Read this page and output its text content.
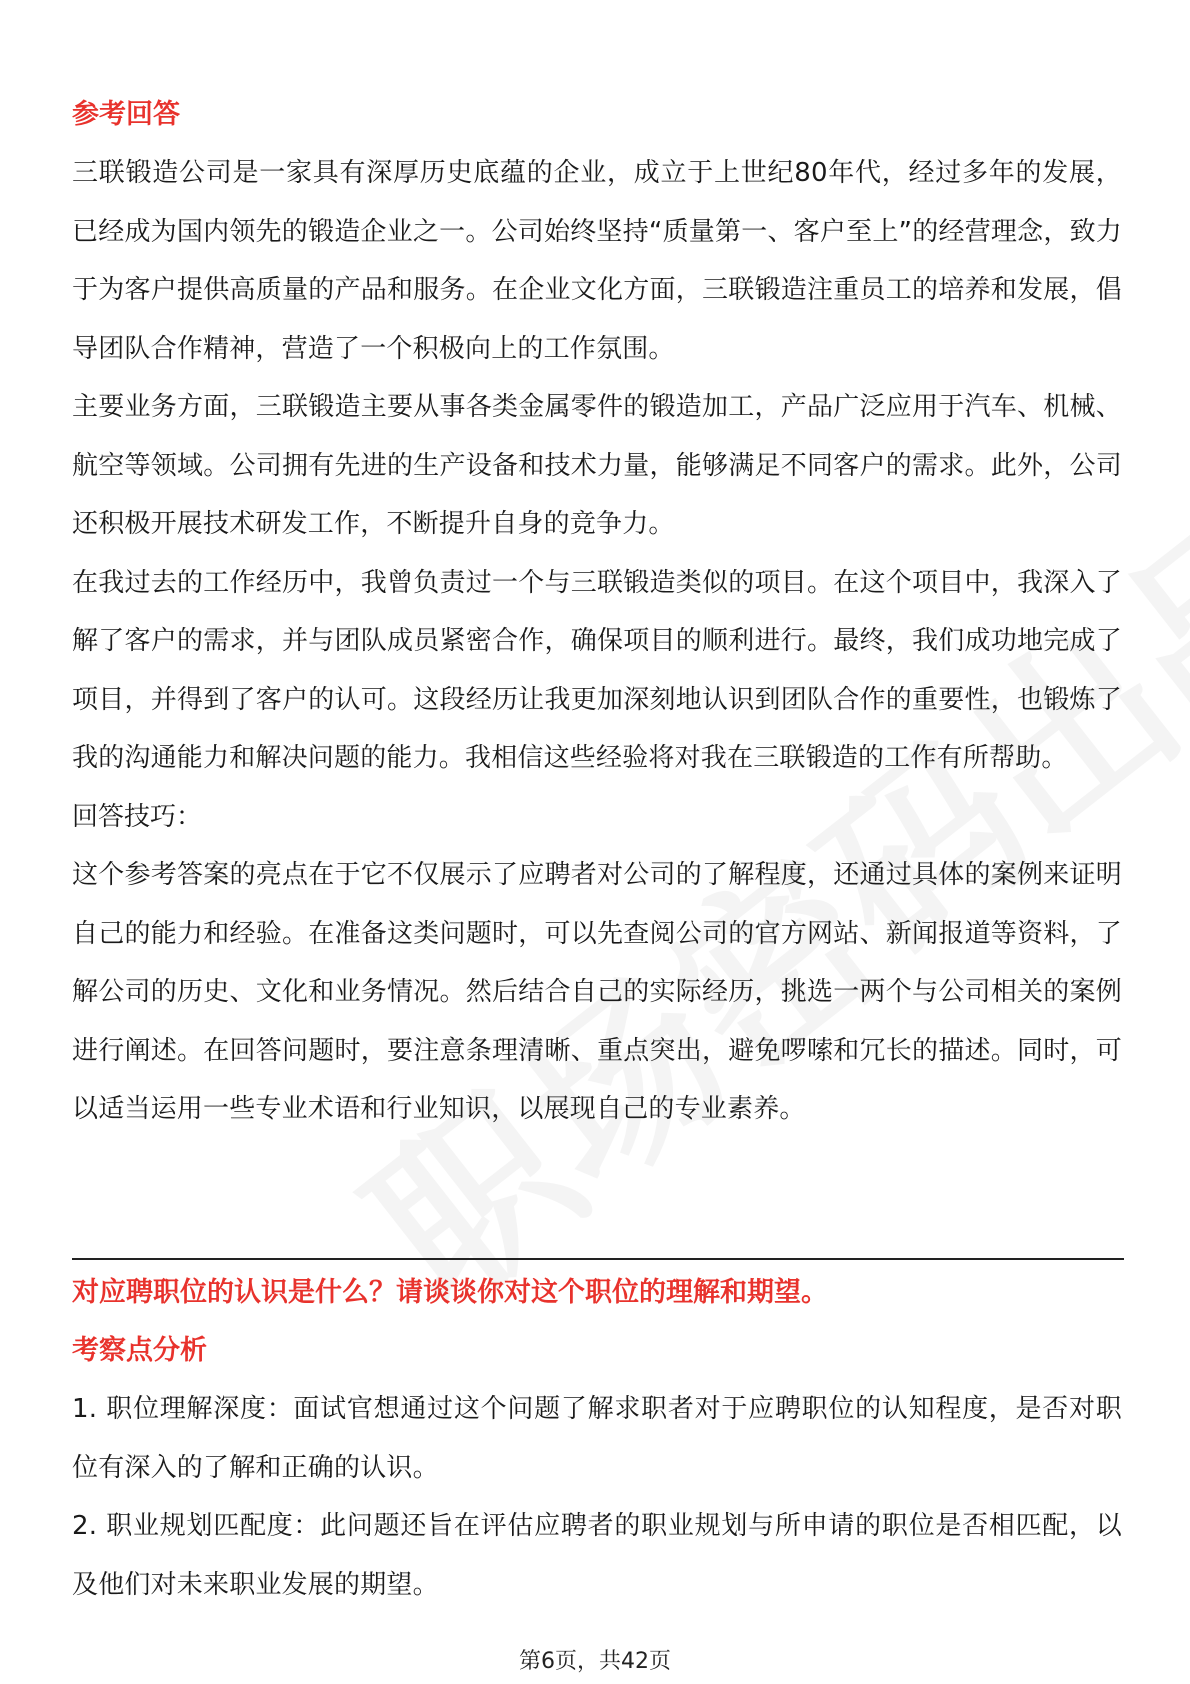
参考回答

三联锻造公司是一家具有深厚历史底蕴的企业，成立于上世纪80年代，经过多年的发展，已经成为国内领先的锻造企业之一。公司始终坚持“质量第一、客户至上”的经营理念，致力于为客户提供高质量的产品和服务。在企业文化方面，三联锻造注重员工的培养和发展，倡导团队合作精神，营造了一个积极向上的工作氛围。

主要业务方面，三联锻造主要从事各类金属零件的锻造加工，产品广泛应用于汽车、机械、航空等领域。公司拥有先进的生产设备和技术力量，能够满足不同客户的需求。此外，公司还积极开展技术研发工作，不断提升自身的竞争力。

在我过去的工作经历中，我曾负责过一个与三联锻造类似的项目。在这个项目中，我深入了解了客户的需求，并与团队成员紧密合作，确保项目的顺利进行。最终，我们成功地完成了项目，并得到了客户的认可。这段经历让我更加深刻地认识到团队合作的重要性，也锻炼了我的沟通能力和解决问题的能力。我相信这些经验将对我在三联锻造的工作有所帮助。

回答技巧：

这个参考答案的亮点在于它不仅展示了应聘者对公司的了解程度，还通过具体的案例来证明自己的能力和经验。在准备这类问题时，可以先查阅公司的官方网站、新闻报道等资料，了解公司的历史、文化和业务情况。然后结合自己的实际经历，挑选一两个与公司相关的案例进行阐述。在回答问题时，要注意条理清晰、重点突出，避免啰嗦和冗长的描述。同时，可以适当运用一些专业术语和行业知识，以展现自己的专业素养。

对应聘职位的认识是什么？请谈谈你对这个职位的理解和期望。

考察点分析

1. 职位理解深度：面试官想通过这个问题了解求职者对于应聘职位的认知程度，是否对职位有深入的了解和正确的认识。

2. 职业规划匹配度：此问题还旨在评估应聘者的职业规划与所申请的职位是否相匹配，以及他们对未来职业发展的期望。

第6页，共42页
